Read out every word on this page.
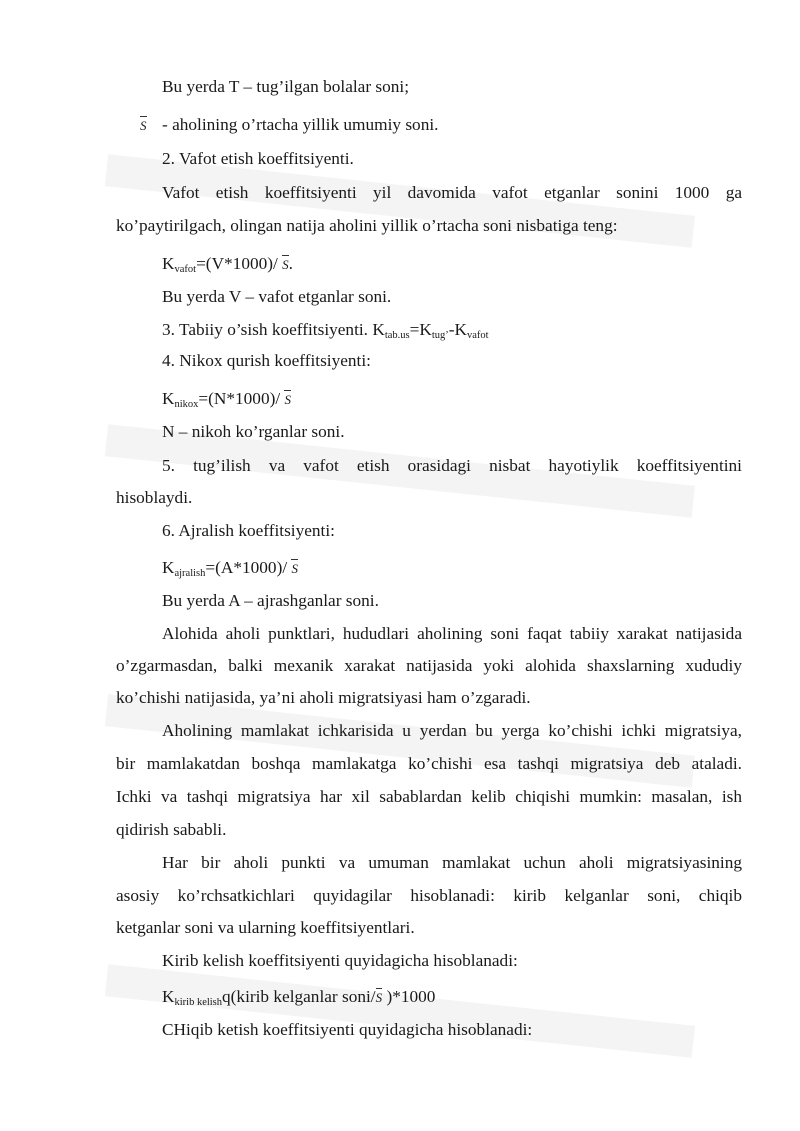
Bu yerda T – tug’ilgan bolalar soni;
S - aholining o’rtacha yillik umumiy soni.
2. Vafot etish koeffitsiyenti.
Vafot etish koeffitsiyenti yil davomida vafot etganlar sonini 1000 ga
ko’paytirilgach, olingan natija aholini yillik o’rtacha soni nisbatiga teng:
$K_{vafot}=(V*1000)/$ S.
Bu yerda V – vafot etganlar soni.
3. Tabiiy o’sish koeffitsiyenti. $K_{tab.us}=K_{tug’}-K_{vafot}$
4. Nikox qurish koeffitsiyenti:
$K_{nikox}=(N*1000)/$ S
N – nikoh ko’rganlar soni.
5. tug’ilish va vafot etish orasidagi nisbat hayotiylik koeffitsiyentini
hisoblaydi.
6. Ajralish koeffitsiyenti:
$K_{ajralish}=(A*1000)/$ S
Bu yerda A – ajrashganlar soni.
Alohida aholi punktlari, hududlari aholining soni faqat tabiiy xarakat natijasida
o’zgarmasdan, balki mexanik xarakat natijasida yoki alohida shaxslarning xududiy
ko’chishi natijasida, ya’ni aholi migratsiyasi ham o’zgaradi.
Aholining mamlakat ichkarisida u yerdan bu yerga ko’chishi ichki migratsiya,
bir mamlakatdan boshqa mamlakatga ko’chishi esa tashqi migratsiya deb ataladi.
Ichki va tashqi migratsiya har xil sabablardan kelib chiqishi mumkin: masalan, ish
qidirish sababli.
Har bir aholi punkti va umuman mamlakat uchun aholi migratsiyasining
asosiy ko’rchsatkichlari quyidagilar hisoblanadi: kirib kelganlar soni, chiqib
ketganlar soni va ularning koeffitsiyentlari.
Kirib kelish koeffitsiyenti quyidagicha hisoblanadi:
$K_{kirib kelish}q(kirib$ kelganlar soni/S )*1000
CHiqib ketish koeffitsiyenti quyidagicha hisoblanadi:
